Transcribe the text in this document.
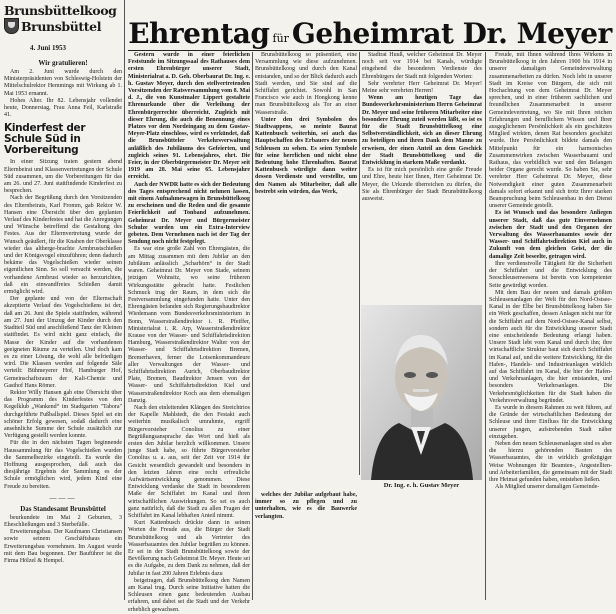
Brunsbüttelkoog
Brunsbüttel
4. Juni 1953 Ehrentag für Geheimrat Dr. Meyer
Wir gratulieren!

Am 2. Juni wurde durch den Ministerpräsidenten von Schleswig-Holstein der Mittelschulrektor Hemmings mit Wirkung ab 1. Mai 1953 ernannt.

Hohes Alter. Ihr 82. Lebensjahr vollendet heute, Donnerstag, Frau Anna Feil, Karlstraße 41.

Kinderfest der Schule Süd in Vorbereitung

In einer Sitzung traten gestern abend Elternbeirat und Klassenvertretungen der Schule Süd zusammen, um die Vorbereitungen für das am 26. und 27. Juni stattfindende Kinderfest zu besprechen.

Nach der Begrüßung durch den Vorsitzenden des Elternbeirats, Karl Fromm, gab Rektor W. Hansen eine Übersicht über den geplanten Verlauf des Kinderfestes und hat die Anregungen und Wünsche betreffend die Gestaltung des Festes. Aus der Elternvertretung wurde der Wunsch geäußert, für die Knaben der Oberklasse wieder das altherge-brachte Armbrustschießen und der Königsvogel einzuführen; denn dadurch bekäme das Vogelschießen wieder seinen eigentlichen Sinn. So soll versucht werden, die vorhandene Armbrust wieder so herzurichten, daß ein einwandfreies Schießen damit ermöglicht wird.

Der geplante und von der Elternschaft akzeptierte Verlauf des Vogelschießens ist der, daß am 26. Juni die Spiele stattfinden, während am 27. Juni der Umzug der Kinder durch den Stadtteil Süd und anschließend Tanz der Kleinen stattfindet. Es wird nicht ganz einfach, die Masse der Kinder auf die vorhandenen geeigneten Räume zu verteilen. Und doch kam es zu einer Lösung, die wohl alle befriedigen wird. Die Klassen werden auf folgende Säle verteilt: Bühmeyerer Hof, Hamburger Hof, Gemeinschaftsraum der Kali-Chemie und Gasthof Hans Römer.

Rektor Willy Hansen gab eine Übersicht über das Programm des Kinderfestes von den Kegelklub „Wankend“ im Stadtgarten "Tabora" durchgeführte Fußballspiel. Dieses Spiel sei ein schöner Erfolg gewesen, sodaß dadurch eine ansehnliche Summe der Schule zusätzlich zur Verfügung gestellt werden konnte.

Für die in den nächsten Tagen beginnende Haussammlung für das Vogelschießen wurden die Sammelbezirke eingeteilt. Es wurde die Hoffnung ausgesprochen, daß auch das diesjährige Ergebnis der Sammlung es der Schule ermöglichen wird, jedem Kind eine Freude zu bereiten.

———
Das Standesamt Brunsbüttel

beurkundete im Mai 2 Geburten, 3 Eheschließungen und 3 Sterbefälle.

Erweiterungsbau. Der Kaufmann Christiansen sowie seinem Geschäftshaus ein Erweiterungsbau vornehmen. Im August wurde mit dem Bau begonnen. Der Bauführer ist die Firma Hölzel & Hempel.

Gestern wurde in einer feierlichen Feststunde im Sitzungssaal des Rathauses dem ersten Ehrenbürger unserer Stadt, Ministerialrat a. D. Geh. Oberbaurat Dr. Ing. e. h. Gustav Meyer, durch den stellvertretenden Vorsitzenden der Ratsversammlung vom 8. Mai d. J., die von Kunstmaler Lippert gestaltete Ehrenurkunde über die Verleihung der Ehrenbürgerrechte überreicht. Zugleich mit dieser Ehrung, die auch die Benennung eines Platzes vor dem Nordeingang zu dem Gustav-Meyer-Platz einschloss, wird es verkündet, daß die Brunsbütteler Verkehrsverwaltung anläßlich des Jubiläums des Gefeierten, und zugleich seines 91. Lebensjahres, ehrt. Die Feier, in der Oberbürgermeister Dr. Meyer seit 1919 am 28. Mai seine 65. Lebensjahre erreicht.

Auch der NWDR hatte es sich der Bedeutung des Tages entsprechend nicht nehmen lassen, mit einem Aufnahmewagen in Brunsbüttelkoog zu erscheinen und die Reden und die gesamte Feierlichkeit auf Tonband aufzunehmen. Geheimrat Dr. Meyer und Bürgermeister Schulze wurden um ein Extra-Interview gebeten. Dem Vernehmen nach ist der Tag der Sendung noch nicht festgelegt.

Es war eine große Zahl von Ehrengästen, die am Mittag zusammen mit dem Jubilar an den Jubiläum anlässlich „Scharhörn“ in der Stadt waren. Geheimrat Dr. Meyer von Stade, seinem jetzigen Wohnsitz, wo seine früheren Wirkungsstätte gebracht hatte. Festlichen Schmuck trug der Raum, in dem sich die Festversammlung eingefunden hatte. Unter den Ehrengästen befanden sich Regierungsbaudirektor Wiedemann vom Bundesverkehrsministerium in Bonn, Wasserstraßendirektor i. R. Pfeiffer, Ministerialrat i. R. Arp, Wasserstraßendirektor Krause von der Wasser- und Schiffahrtsdirektion Hamburg, Wasserstraßendirektor Walter von der Wasser- und Schiffahrtsdirektion Bremen, Bremerhaven, ferner die Lotsenkommandeure aller Verwaltungen der Wasser- und Schiffahrtsdirektion Aurich, Oberbaudirektor Plate, Bremen, Baudirektor Jensen von der Wasser- und Schiffahrtsdirektion Kiel und Wasserstraßendirektor Koch aus dem ehemaligen Danzig.

Nach den einleitenden Klängen des Streichtrios der Kapelle Mahlstedt, die den Festakt auch weiterhin musikalisch umrahmte, ergriff Bürgervorsteher Conolius zu einer Begrüßungsansprache das Wort und hieß als ersten den Jubilar herzlich willkommen. Unsere junge Stadt habe, so führte Bürgervorsteher Conolius u. a. aus, seit der Zeit vor 1914 ihr Gesicht wesentlich gewandelt und besonders in den letzten Jahren eine recht erfreuliche Aufwärtsentwicklung genommen. Diese Entwicklung verdanke die Stadt in besonderem Maße der Schiffahrt im Kanal und ihren wirtschaftlichen Auswirkungen. So sei es auch ganz natürlich, daß die Stadt zu allen Fragen der Schiffahrt im Kanal lebhaften Anteil nimmt.

Kurt Kattenbusch drückte dann in seinen Worten die Freude aus, die Bürger der Stadt Brunsbüttelkoog und als Vertreter des Wasserbauamtes den Jubilar begrüßen zu können. Er sei in der Stadt Brunsbüttelkoog sowie der Bevölkerung nach Geheimrat Dr. Meyer. Heute sei es die Aufgabe, zu dem Dank zu nehmen, daß der Jubilar in fast 200 Jahren Erlebnis dazu

beigetragen, daß Brunsbüttelkoog den Namen am Kanal trug. Durch seine Initiative hatten die Schleusen einen ganz bedeutenden Ausbau erfahren, und dabei sei die Stadt und der Verkehr erheblich gewachsen.

Brunsbüttelkoog so präsentiert, eine Versammlung wie diese aufzunehmen. Brunsbüttelkoog und durch den Kanal entstanden, und so der Blick dadurch auch Stadt werden, und Sie sind auf die Schiffahrt gerichtet. Sowohl in San Francisco wie auch in Hongkong kenne man Brunsbüttelkoog als Tor an einer Wasserstraße.

Unter den drei Symbolen des Stadtwappens, so meinte Baurat Kattenbusch weiterhin, sei auch das Hauptschaffen des Erbauers der neuen Schleusen zu sehen. Es seien Symbole für seine herrlichen und nicht ohne Bedeutung hohe Ehrenhaften. Baurat Kattenbusch würdigte dann weiter dessen Verdienste und verstellte, um den Namen als Mitarbeiter, daß alle bestrebt sein würden, das Werk,

Stadtrat Huuß, welcher Geheimrat Dr. Meyer noch seit vor 1914 bei Kanals, würdigte eingehend die besonderen Verdienste des Ehrenbürgers der Stadt mit folgenden Worten:

Sehr verehrter Herr Geheimrat Dr. Meyer! Meine sehr verehrten Herren!

Wenn am heutigen Tage das Bundesverkehrsministerium Herrn Geheimrat Dr. Meyer und seine früheren Mitarbeiter eine besondere Ehrung zuteil werden läßt, so ist es für die Stadt Brunsbüttelkoog eine Selbstverständlichkeit, sich an dieser Ehrung zu beteiligen und ihren Dank dem Manne zu erweisen, der einen Anteil an dem Geschick der Stadt Brunsbüttelkoog und die Entwicklung in starkem Maße verdankt.

Es ist für mich persönlich eine große Freude und Ehre, heute hier Ihnen, Herr Geheimrat Dr. Meyer, die Urkunde überreichen zu dürfen, die Sie als Ehrenbürger der Stadt Brunsbüttelkoog ausweist.

Dr. Ing. e. h. Gustav Meyer

welches der Jubilar aufgebaut habe, immer so zu pflegen und zu unterhalten, wie es die Bauwerke verlangten.

Freude, mit Ihnen während Ihres Wirkens in Brunsbüttelkoog in den Jahren 1900 bis 1914 in unserer damaligen Gemeindeverwaltung zusammenarbeiten zu dürfen. Noch lebt in unserer Stadt im Kreise von Bürgern, die sich mit Hochachtung von dem Geheimrat Dr. Meyer sprechen, und in einer früheren sachlichen und freundlichen Zusammenarbeit in unserer Gemeindevertretung, wo Sie mit Ihren reichen Erfahrungen und beruflichem Wissen und Ihrer ausgeglichenen Persönlichkeit als ein geschätztes Mitglied wirkten, denen Rat besonders geschätzt wurde. Ihre Persönlichkeit bildete damals den Mittelpunkt für ein harmonisches Zusammenwirken zwischen Wasserbauamt und Rathaus, das vorbildlich war und den Belangen beider Organe gerecht wurde. So haben Sie, sehr verehrter Herr Geheimrat Dr. Meyer, diese Notwendigkeit einer guten Zusammenarbeit damals sofort erkannt und sich trotz Ihrer starken Beanspruchung beim Schleusenbau in den Dienst unserer Gemeinde gestellt.

Es ist Wunsch und das besondere Anliegen unserer Stadt, daß das gute Einvernehmen zwischen der Stadt und den Organen der Verwaltung des Wasserbauamtes sowie der Wasser- und Schiffahrtsdirektion Kiel auch in Zukunft von dem gleichen Geist, der die damalige Zeit beseelte, getragen wird.

Ihre verdienstvolle Tätigkeit für die Sicherheit der Schiffahrt und die Entwicklung des Seeschleusenwesens ist bereits von kompetenter Seite gewürdigt worden.

Mit dem Bau der neuen und damals größten Schleusenanlagen der Welt für den Nord-Ostsee-Kanal in der Elbe bei Brunsbüttelkoog haben Sie ein Werk geschaffen, dessen Anlagen nicht nur für die Schiffahrt auf dem Nord-Ostsee-Kanal selbst, sondern auch für die Entwicklung unserer Stadt eine entscheidende Bedeutung erlangt haben. Unsere Stadt lebt vom Kanal und durch ihn; ihre wirtschaftliche Struktur baut sich durch Schiffahrt im Kanal auf, und die weitere Entwicklung, für die Hafen-, Handels- und Industrieanlagen wirklich auf das Schiffahrt im Kanal, die hier der Hafen- und Verkehrsanlagen, die hier entstanden, und besonders Verkehrsanlagen. Die Verkehrsmöglichkeiten für die Stadt haben die Verkehrsverwaltung begründet.

Es wurde in diesem Rahmen zu weit führen, auf die Gründe der wirtschaftlichen Bedeutung der Schleuse und ihrer Einfluss für die Entwicklung unserer jungen, aufstrebenden Stadt näher einzugehen.

Neben den neuen Schleusenanlagen sind es aber die hierzu gehörenden Bauten des Wasserbauamtes, die in wirklich großzügiger Weise Wohnungen für Beamten-, Angestellten- und Arbeiterfamilien, die gemeinsam mit der Stadt ihre Heimat gefunden haben, entstehen ließen.

Als Mitglied unserer damaligen Gemeinde-
